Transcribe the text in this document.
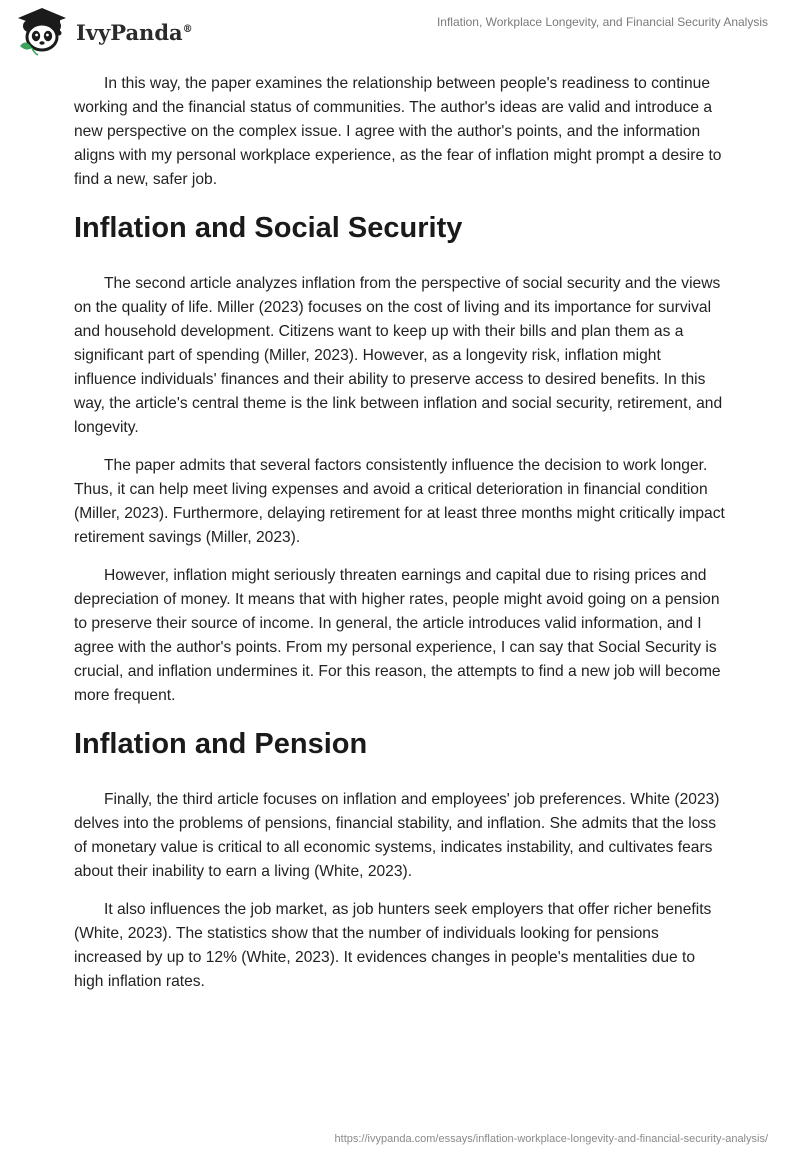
IvyPanda®
Inflation, Workplace Longevity, and Financial Security Analysis

In this way, the paper examines the relationship between people's readiness to continue working and the financial status of communities. The author's ideas are valid and introduce a new perspective on the complex issue. I agree with the author's points, and the information aligns with my personal workplace experience, as the fear of inflation might prompt a desire to find a new, safer job.

Inflation and Social Security

The second article analyzes inflation from the perspective of social security and the views on the quality of life. Miller (2023) focuses on the cost of living and its importance for survival and household development. Citizens want to keep up with their bills and plan them as a significant part of spending (Miller, 2023). However, as a longevity risk, inflation might influence individuals' finances and their ability to preserve access to desired benefits. In this way, the article's central theme is the link between inflation and social security, retirement, and longevity.

The paper admits that several factors consistently influence the decision to work longer. Thus, it can help meet living expenses and avoid a critical deterioration in financial condition (Miller, 2023). Furthermore, delaying retirement for at least three months might critically impact retirement savings (Miller, 2023).

However, inflation might seriously threaten earnings and capital due to rising prices and depreciation of money. It means that with higher rates, people might avoid going on a pension to preserve their source of income. In general, the article introduces valid information, and I agree with the author's points. From my personal experience, I can say that Social Security is crucial, and inflation undermines it. For this reason, the attempts to find a new job will become more frequent.

Inflation and Pension

Finally, the third article focuses on inflation and employees' job preferences. White (2023) delves into the problems of pensions, financial stability, and inflation. She admits that the loss of monetary value is critical to all economic systems, indicates instability, and cultivates fears about their inability to earn a living (White, 2023).

It also influences the job market, as job hunters seek employers that offer richer benefits (White, 2023). The statistics show that the number of individuals looking for pensions increased by up to 12% (White, 2023). It evidences changes in people's mentalities due to high inflation rates.

https://ivypanda.com/essays/inflation-workplace-longevity-and-financial-security-analysis/
